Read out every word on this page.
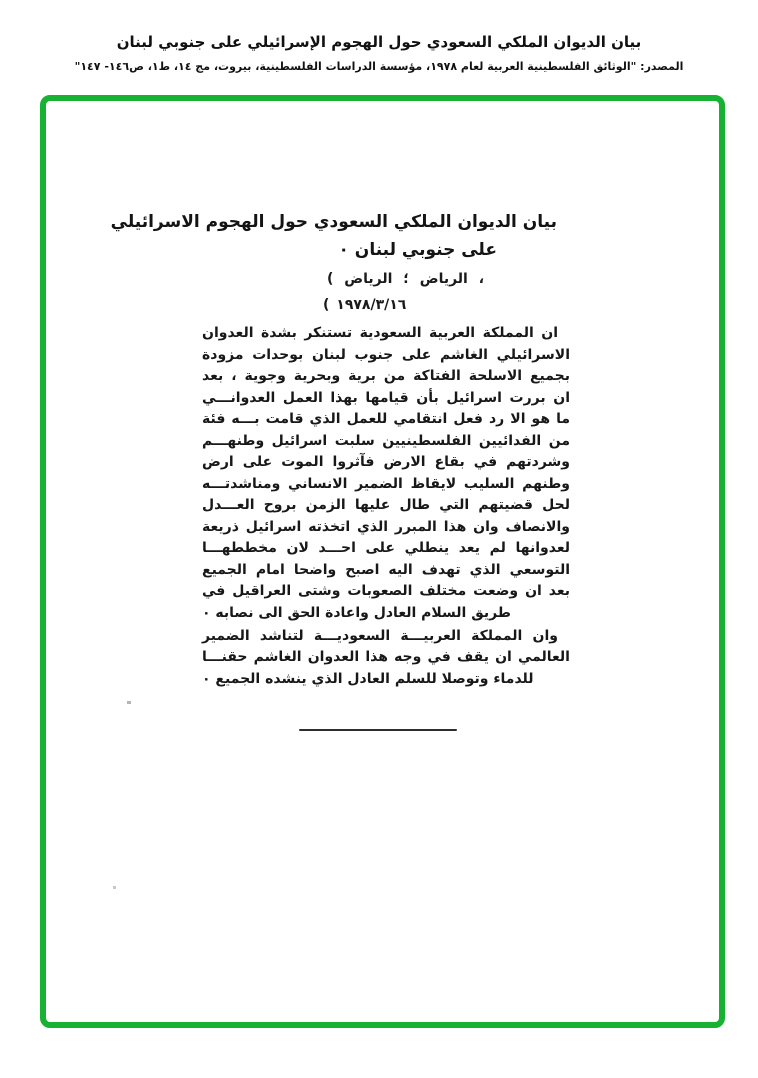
بيان الديوان الملكي السعودي حول الهجوم الإسرائيلي على جنوبي لبنان
المصدر: "الوثائق الفلسطينية العربية لعام ١٩٧٨، مؤسسة الدراسات الفلسطينية، بيروت، مج ١٤، ط١، ص١٤٦- ١٤٧"
بيان الديوان الملكي السعودي حول الهجوم الاسرائيلي
على جنوبي لبنان ٠
( الرياض ؛ الرياض ،
( ١٩٧٨/٣/١٦
ان المملكة العربية السعودية تستنكر بشدة العدوان
الاسرائيلي الغاشم على جنوب لبنان بوحدات مزودة
بجميع الاسلحة الفتاكة من برية وبحرية وجوية ، بعد
ان بررت اسرائيل بأن قيامها بهذا العمل العدوانـــي
ما هو الا رد فعل انتقامي للعمل الذي قامت بـــه فئة
من الفدائيين الفلسطينيين سلبت اسرائيل وطنهـــم
وشردتهم في بقاع الارض فآثروا الموت على ارض
وطنهم السليب لايقاظ الضمير الانساني ومناشدتـــه
لحل قضيتهم التي طال عليها الزمن بروح العـــدل
والانصاف وان هذا المبرر الذي اتخذته اسرائيل ذريعة
لعدوانها لم يعد ينطلي على احـــد لان مخططهـــا
التوسعي الذي تهدف اليه اصبح واضحا امام الجميع
بعد ان وضعت مختلف الصعوبات وشتى العراقيل في
طريق السلام العادل واعادة الحق الى نصابه ٠
وان المملكة العربيـــة السعوديـــة لتناشد الضمير
العالمي ان يقف في وجه هذا العدوان الغاشم حقنـــا
للدماء وتوصلا للسلم العادل الذي ينشده الجميع ٠
